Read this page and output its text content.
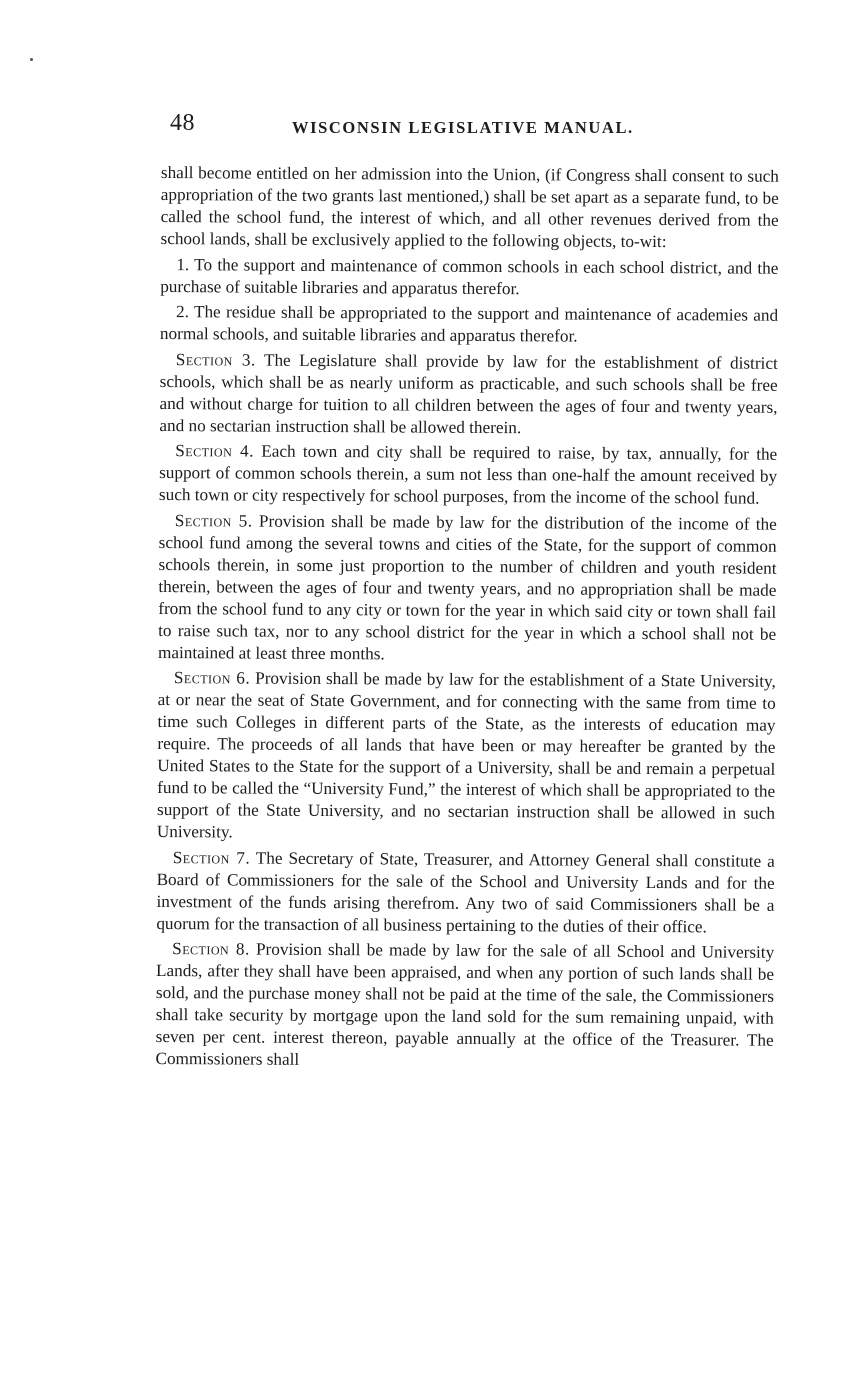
48	WISCONSIN LEGISLATIVE MANUAL.

shall become entitled on her admission into the Union, (if Congress shall consent to such appropriation of the two grants last mentioned,) shall be set apart as a separate fund, to be called the school fund, the interest of which, and all other revenues derived from the school lands, shall be exclusively applied to the following objects, to-wit:

1. To the support and maintenance of common schools in each school district, and the purchase of suitable libraries and apparatus therefor.

2. The residue shall be appropriated to the support and maintenance of academies and normal schools, and suitable libraries and apparatus therefor.

Section 3. The Legislature shall provide by law for the establishment of district schools, which shall be as nearly uniform as practicable, and such schools shall be free and without charge for tuition to all children between the ages of four and twenty years, and no sectarian instruction shall be allowed therein.

Section 4. Each town and city shall be required to raise, by tax, annually, for the support of common schools therein, a sum not less than one-half the amount received by such town or city respectively for school purposes, from the income of the school fund.

Section 5. Provision shall be made by law for the distribution of the income of the school fund among the several towns and cities of the State, for the support of common schools therein, in some just proportion to the number of children and youth resident therein, between the ages of four and twenty years, and no appropriation shall be made from the school fund to any city or town for the year in which said city or town shall fail to raise such tax, nor to any school district for the year in which a school shall not be maintained at least three months.

Section 6. Provision shall be made by law for the establishment of a State University, at or near the seat of State Government, and for connecting with the same from time to time such Colleges in different parts of the State, as the interests of education may require. The proceeds of all lands that have been or may hereafter be granted by the United States to the State for the support of a University, shall be and remain a perpetual fund to be called the “University Fund,” the interest of which shall be appropriated to the support of the State University, and no sectarian instruction shall be allowed in such University.

Section 7. The Secretary of State, Treasurer, and Attorney General shall constitute a Board of Commissioners for the sale of the School and University Lands and for the investment of the funds arising therefrom. Any two of said Commissioners shall be a quorum for the transaction of all business pertaining to the duties of their office.

Section 8. Provision shall be made by law for the sale of all School and University Lands, after they shall have been appraised, and when any portion of such lands shall be sold, and the purchase money shall not be paid at the time of the sale, the Commissioners shall take security by mortgage upon the land sold for the sum remaining unpaid, with seven per cent. interest thereon, payable annually at the office of the Treasurer. The Commissioners shall
